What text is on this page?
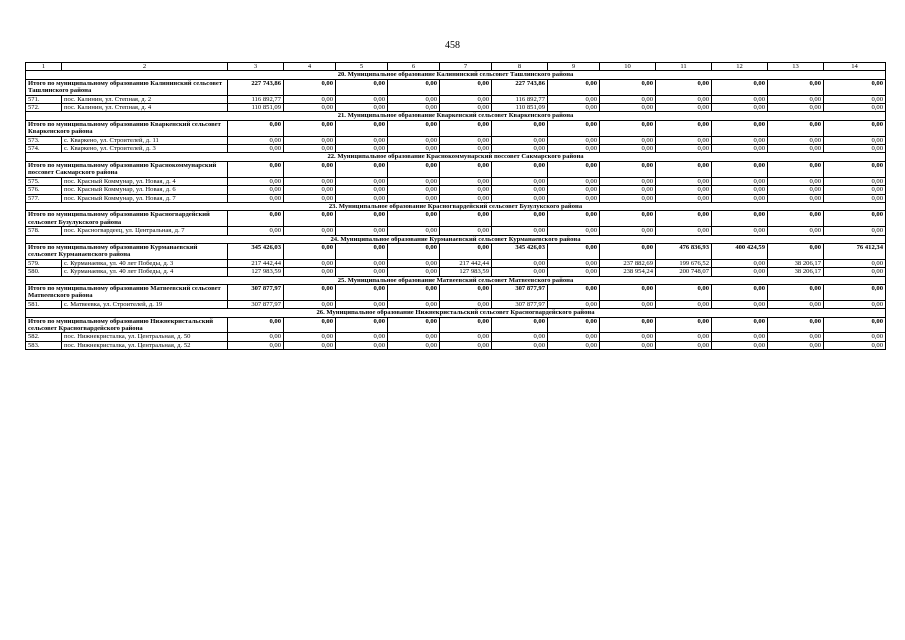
458
1	2	3	4	5	6	7	8	9	10	11	12	13	14	
20. Муниципальное образование Калининский сельсовет Ташлинского района														
Итого по муниципальному образованию Калининский сельсовет Ташлинского района		227 743,86	0,00	0,00	0,00	0,00	227 743,86	0,00	0,00	0,00	0,00	0,00	0,00	
571.	пос. Калинин, ул. Степная, д. 2	116 892,77	0,00	0,00	0,00	0,00	116 892,77	0,00	0,00	0,00	0,00	0,00	0,00	
572.	пос. Калинин, ул. Степная, д. 4	110 851,09	0,00	0,00	0,00	0,00	110 851,09	0,00	0,00	0,00	0,00	0,00	0,00	
21. Муниципальное образование Кваркенский сельсовет Кваркенского района														
Итого по муниципальному образованию Кваркенский сельсовет Кваркенского района		0,00	0,00	0,00	0,00	0,00	0,00	0,00	0,00	0,00	0,00	0,00	0,00	
573.	с. Кваркено, ул. Строителей, д. 11	0,00	0,00	0,00	0,00	0,00	0,00	0,00	0,00	0,00	0,00	0,00	0,00	
574.	с. Кваркено, ул. Строителей, д. 3	0,00	0,00	0,00	0,00	0,00	0,00	0,00	0,00	0,00	0,00	0,00	0,00	
22. Муниципальное образование Краснокоммунарский поссовет Сакмарского района														
Итого по муниципальному образованию Краснокоммунарский поссовет Сакмарского района		0,00	0,00	0,00	0,00	0,00	0,00	0,00	0,00	0,00	0,00	0,00	0,00	
575.	пос. Красный Коммунар, ул. Новая, д. 4	0,00	0,00	0,00	0,00	0,00	0,00	0,00	0,00	0,00	0,00	0,00	0,00	
576.	пос. Красный Коммунар, ул. Новая, д. 6	0,00	0,00	0,00	0,00	0,00	0,00	0,00	0,00	0,00	0,00	0,00	0,00	
577.	пос. Красный Коммунар, ул. Новая, д. 7	0,00	0,00	0,00	0,00	0,00	0,00	0,00	0,00	0,00	0,00	0,00	0,00	
23. Муниципальное образование Красногвардейский сельсовет Бузулукского района														
Итого по муниципальному образованию Красногвардейский сельсовет Бузулукского района		0,00	0,00	0,00	0,00	0,00	0,00	0,00	0,00	0,00	0,00	0,00	0,00	
578.	пос. Красногвардеец, ул. Центральная, д. 7	0,00	0,00	0,00	0,00	0,00	0,00	0,00	0,00	0,00	0,00	0,00	0,00	
24. Муниципальное образование Курманаевский сельсовет Курманаевского района														
Итого по муниципальному образованию Курманаевский сельсовет Курманаевского района		345 426,03	0,00	0,00	0,00	0,00	345 426,03	0,00	0,00	476 836,93	400 424,59	0,00	76 412,34	
579.	с. Курманаевка, ул. 40 лет Победы, д. 3	217 442,44	0,00	0,00	0,00	217 442,44	0,00	0,00	237 882,69	199 676,52	0,00	38 206,17	0,00	
580.	с. Курманаевка, ул. 40 лет Победы, д. 4	127 983,59	0,00	0,00	0,00	127 983,59	0,00	0,00	238 954,24	200 748,07	0,00	38 206,17	0,00	
25. Муниципальное образование Матвеевский сельсовет Матвеевского района														
Итого по муниципальному образованию Матвеевский сельсовет Матвеевского района		307 877,97	0,00	0,00	0,00	0,00	307 877,97	0,00	0,00	0,00	0,00	0,00	0,00	
581.	с. Матвеевка, ул. Строителей, д. 19	307 877,97	0,00	0,00	0,00	0,00	307 877,97	0,00	0,00	0,00	0,00	0,00	0,00	
26. Муниципальное образование Нижнекристальский сельсовет Красногвардейского района														
Итого по муниципальному образованию Нижнекристальский сельсовет Красногвардейского района		0,00	0,00	0,00	0,00	0,00	0,00	0,00	0,00	0,00	0,00	0,00	0,00	
582.	пос. Нижнекристалка, ул. Центральная, д. 50	0,00	0,00	0,00	0,00	0,00	0,00	0,00	0,00	0,00	0,00	0,00	0,00	
583.	пос. Нижнекристалка, ул. Центральная, д. 52	0,00	0,00	0,00	0,00	0,00	0,00	0,00	0,00	0,00	0,00	0,00	0,00	
